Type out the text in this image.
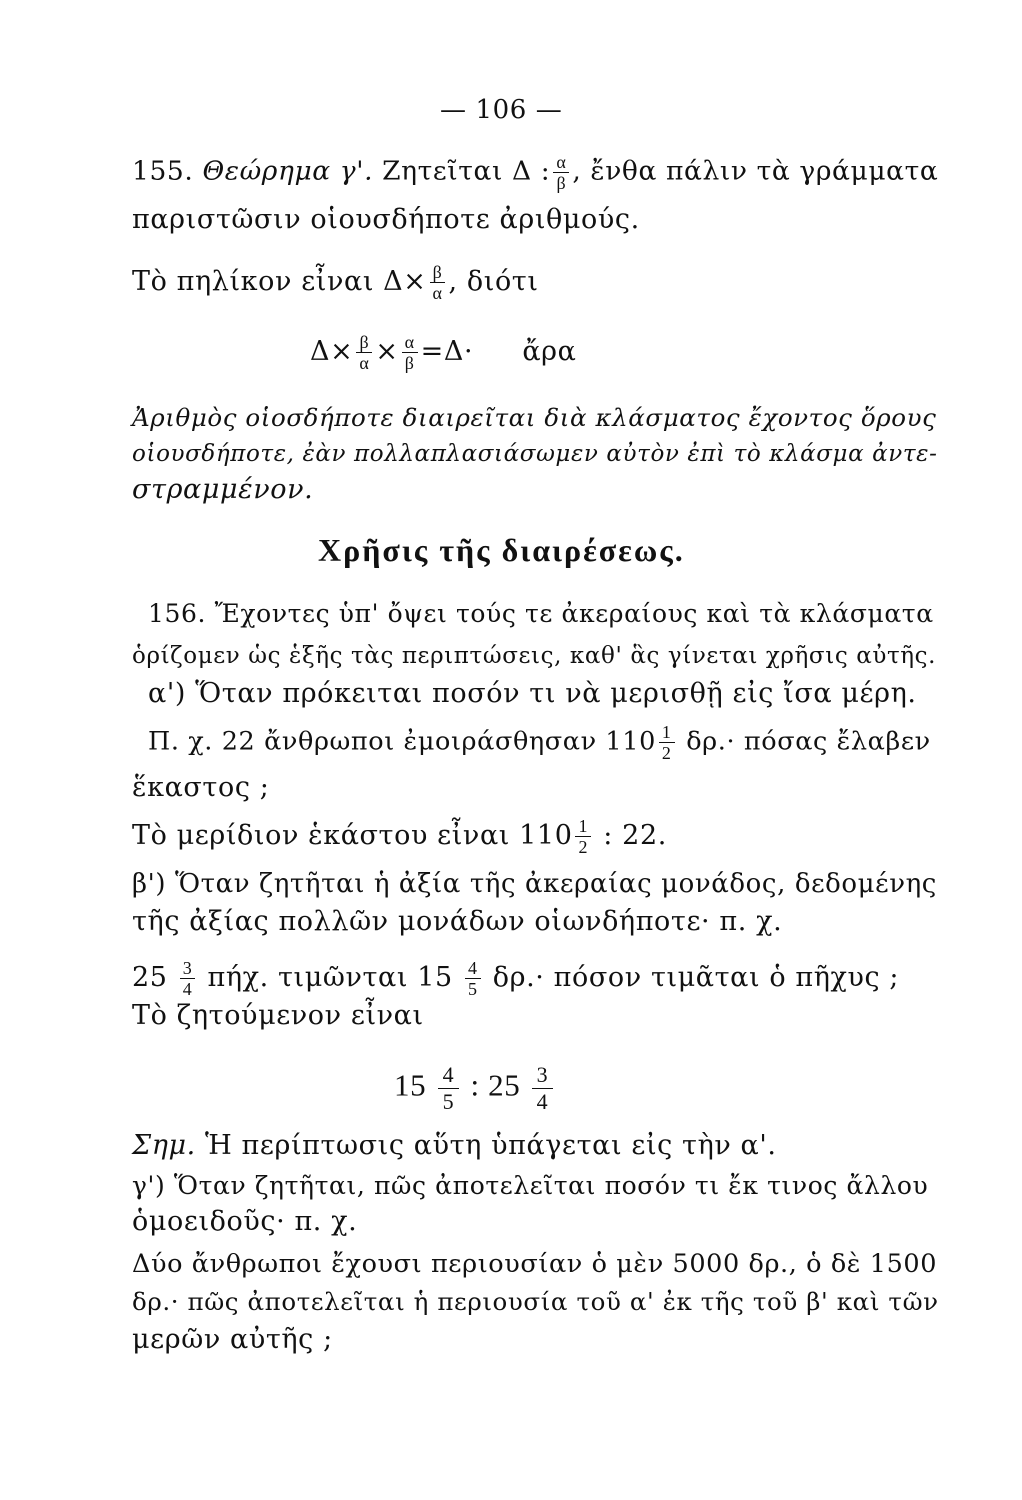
— 106 —

155. Θεώρημα γ'. Ζητεῖται Δ : $\frac{\alpha}{\beta}$ , ἔνθα πάλιν τὰ γράμματα

παριστῶσιν οἱουσδήποτε ἀριθμούς.

Τὸ πηλίκον εἶναι $\Delta\times \frac{\beta}{\alpha}$ , διότι

$\Delta\times \frac{\beta}{\alpha} \times \frac{\alpha}{\beta} =\Delta\cdot$ ἄρα

Ἀριθμὸς οἱοσδήποτε διαιρεῖται διὰ κλάσματος ἔχοντος ὅρους

οἱουσδήποτε, ἐὰν πολλαπλασιάσωμεν αὐτὸν ἐπὶ τὸ κλάσμα ἀντε-

στραμμένον.

Χρῆσις τῆς διαιρέσεως.

156. Ἔχοντες ὑπ' ὄψει τούς τε ἀκεραίους καὶ τὰ κλάσματα

ὁρίζομεν ὡς ἑξῆς τὰς περιπτώσεις, καθ' ἃς γίνεται χρῆσις αὐτῆς.

α') Ὅταν πρόκειται ποσόν τι νὰ μερισθῇ εἰς ἴσα μέρη.

Π. χ. 22 ἄνθρωποι ἐμοιράσθησαν $110 \frac{1}{2} \delta\rho.\cdot \pi ό\sigma\alpha\varsigma$ ἔλαβεν

ἕκαστος ;

Τὸ μερίδιον ἑκάστου εἶναι $110 \frac{1}{2}$ : 22.

β') Ὅταν ζητῆται ἡ ἀξία τῆς ἀκεραίας μονάδος, δεδομένης

τῆς ἀξίας πολλῶν μονάδων οἱωνδήποτε· π. χ.

$25 \frac{3}{4} \pi ή\chi$. τιμῶνται $15 \frac{4}{5} \delta\rho.\cdot \pi ό\sigma o\nu$ τιμᾶται ὁ πῆχυς ;

Τὸ ζητούμενον εἶναι

$15 \frac{4}{5}$ : $25 \frac{3}{4}$

Σημ. Ἡ περίπτωσις αὕτη ὑπάγεται εἰς τὴν α'.

γ') Ὅταν ζητῆται, πῶς ἀποτελεῖται ποσόν τι ἔκ τινος ἄλλου

ὁμοειδοῦς· π. χ.

Δύο ἄνθρωποι ἔχουσι περιουσίαν ὁ μὲν 5000 δρ., ὁ δὲ 1500

δρ.· πῶς ἀποτελεῖται ἡ περιουσία τοῦ α' ἐκ τῆς τοῦ β' καὶ τῶν

μερῶν αὐτῆς ;
